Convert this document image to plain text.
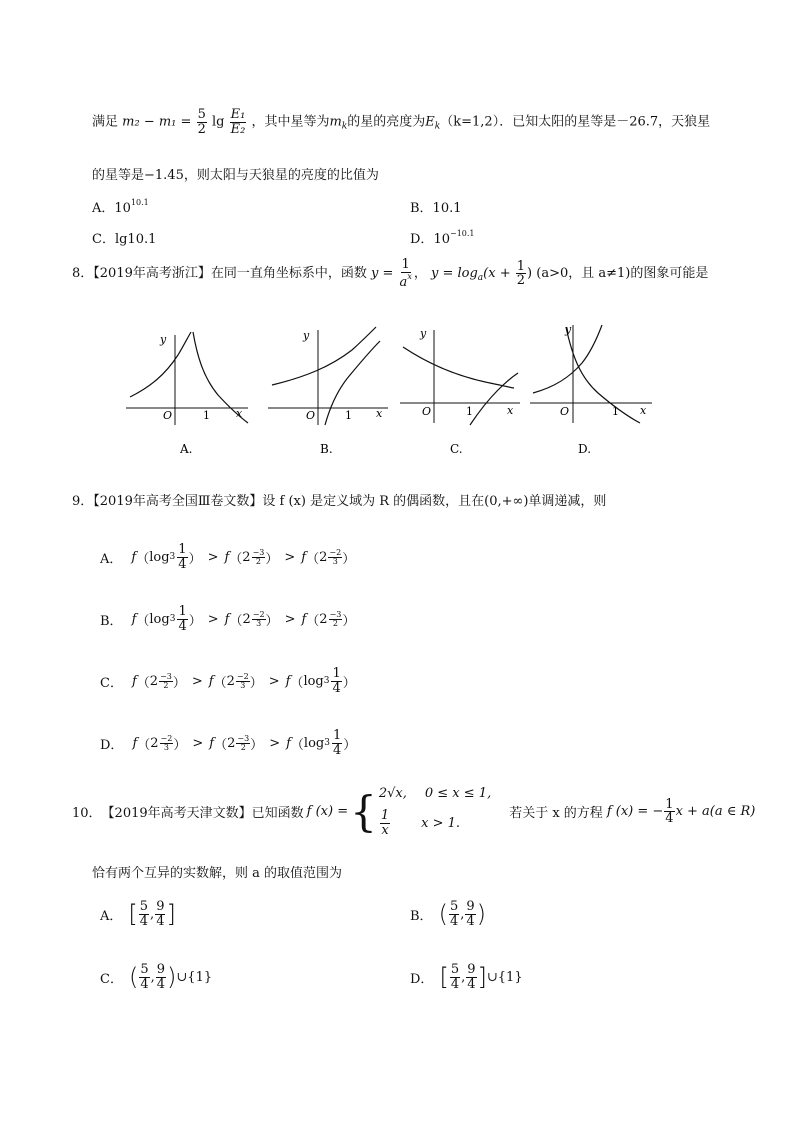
满足 $m_2 - m_1 = \frac{5}{2}$ $\lg \frac{\text{E₁}}{\text{E₂}}$ ，其中星等为$m_k$的星的亮度为$E_k(k=1,2)$．已知太阳的星等是－26.7，天狼星
的星等是−1.45，则太阳与天狼星的亮度的比值为
A．$10^{10.1}$	B．10.1
C．lg10.1	D．$10^{-10.1}$
8．【2019年高考浙江】在同一直角坐标系中，函数 $y = \frac{1}{a^x}$ ， $y = \log_a(x + \frac{1}{2}$ ) (a>0，且 a≠1)的图象可能是
y
O	1 x
A.
y
O	1 x
B.
y
O	1	x
C.
y
O	1 x
D.
9．【2019年高考全国Ⅲ卷文数】设 f (x) 是定义域为 R 的偶函数，且在(0,+∞)单调递减，则
A． f （ $\log 3 \frac{1}{4}$ ） > f （ $2 \frac{-3}{2}$ ） > f （ $2 \frac{-2}{3}$ ）
B． f （ $\log 3 \frac{1}{4}$ ） > f （ $2 \frac{-2}{3}$ ） > f （ $2 \frac{-3}{2}$ ）
C． f （ $2 \frac{-3}{2}$ ） > f （ $2 \frac{-2}{3}$ ） > f （ $\log 3 \frac{1}{4}$ ）
D． f （ $2 \frac{-2}{3}$ ） > f （ $2 \frac{-3}{2}$ ） > f （ $\log 3 \frac{1}{4}$ ）
10． 【2019年高考天津文数】 已知函数 f (x) = { 2√x, 0 ≤ x ≤ 1,
$\frac{1}{x}$ x > 1.
若关于 x 的方程 f (x) = − $\frac{1}{4}$ x + a(a ∈ R)
恰有两个互异的实数解，则 a 的取值范围为
A． [ $\frac{5}{4}$ , $\frac{9}{4}$ ]	B． ( $\frac{5}{4}$ , $\frac{9}{4}$ )
C． ( $\frac{5}{4}$ , $\frac{9}{4}$ ) ∪{1}	D． [ $\frac{5}{4}$ , $\frac{9}{4}$ ] ∪{1}
